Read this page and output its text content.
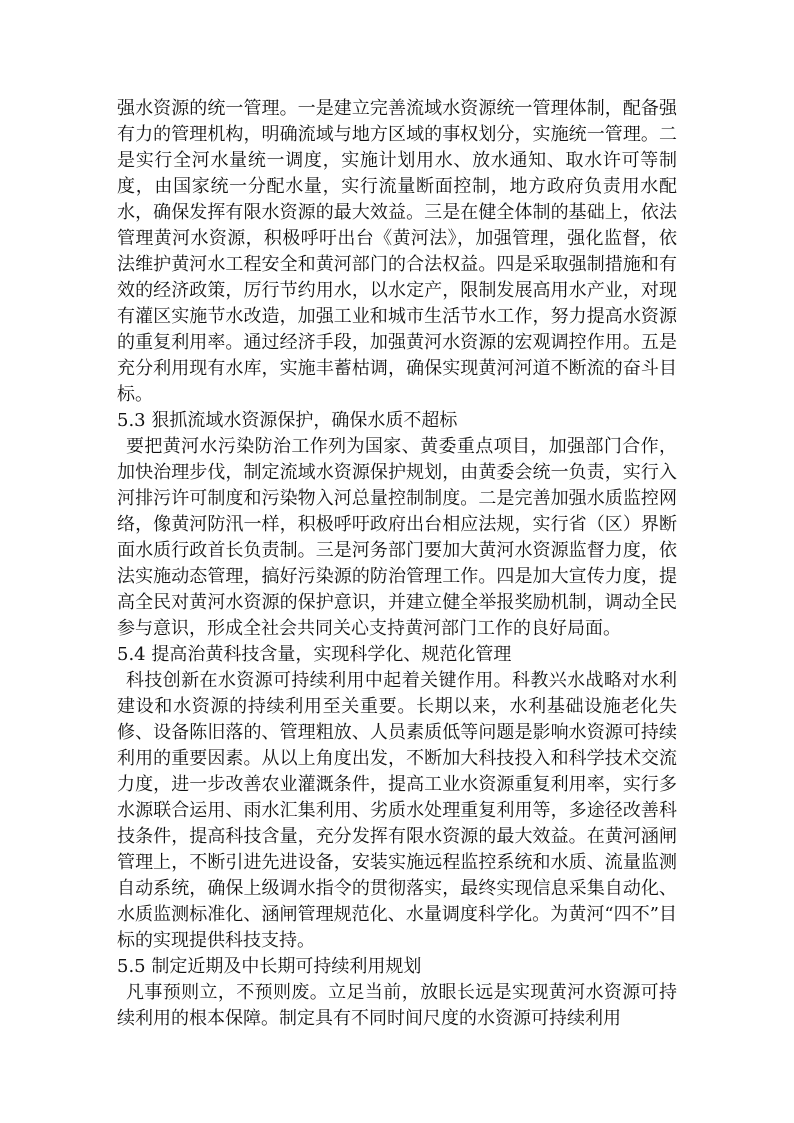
强水资源的统一管理。一是建立完善流域水资源统一管理体制，配备强有力的管理机构，明确流域与地方区域的事权划分，实施统一管理。二是实行全河水量统一调度，实施计划用水、放水通知、取水许可等制度，由国家统一分配水量，实行流量断面控制，地方政府负责用水配水，确保发挥有限水资源的最大效益。三是在健全体制的基础上，依法管理黄河水资源，积极呼吁出台《黄河法》，加强管理，强化监督，依法维护黄河水工程安全和黄河部门的合法权益。四是采取强制措施和有效的经济政策，厉行节约用水，以水定产，限制发展高用水产业，对现有灌区实施节水改造，加强工业和城市生活节水工作，努力提高水资源的重复利用率。通过经济手段，加强黄河水资源的宏观调控作用。五是充分利用现有水库，实施丰蓄枯调，确保实现黄河河道不断流的奋斗目标。

5.3 狠抓流域水资源保护，确保水质不超标

要把黄河水污染防治工作列为国家、黄委重点项目，加强部门合作，加快治理步伐，制定流域水资源保护规划，由黄委会统一负责，实行入河排污许可制度和污染物入河总量控制制度。二是完善加强水质监控网络，像黄河防汛一样，积极呼吁政府出台相应法规，实行省（区）界断面水质行政首长负责制。三是河务部门要加大黄河水资源监督力度，依法实施动态管理，搞好污染源的防治管理工作。四是加大宣传力度，提高全民对黄河水资源的保护意识，并建立健全举报奖励机制，调动全民参与意识，形成全社会共同关心支持黄河部门工作的良好局面。

5.4 提高治黄科技含量，实现科学化、规范化管理

科技创新在水资源可持续利用中起着关键作用。科教兴水战略对水利建设和水资源的持续利用至关重要。长期以来，水利基础设施老化失修、设备陈旧落的、管理粗放、人员素质低等问题是影响水资源可持续利用的重要因素。从以上角度出发，不断加大科技投入和科学技术交流力度，进一步改善农业灌溉条件，提高工业水资源重复利用率，实行多水源联合运用、雨水汇集利用、劣质水处理重复利用等，多途径改善科技条件，提高科技含量，充分发挥有限水资源的最大效益。在黄河涵闸管理上，不断引进先进设备，安装实施远程监控系统和水质、流量监测自动系统，确保上级调水指令的贯彻落实，最终实现信息采集自动化、水质监测标准化、涵闸管理规范化、水量调度科学化。为黄河“四不”目标的实现提供科技支持。

5.5 制定近期及中长期可持续利用规划

凡事预则立，不预则废。立足当前，放眼长远是实现黄河水资源可持续利用的根本保障。制定具有不同时间尺度的水资源可持续利用
